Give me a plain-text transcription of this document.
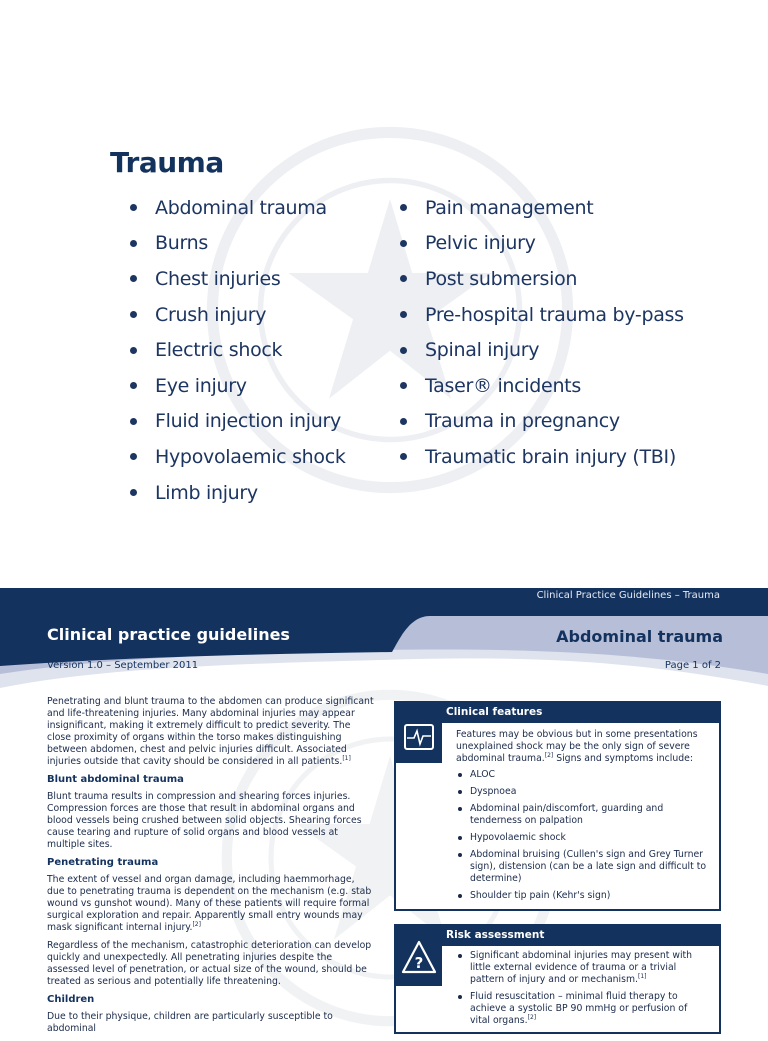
Trauma
Abdominal trauma
Burns
Chest injuries
Crush injury
Electric shock
Eye injury
Fluid injection injury
Hypovolaemic shock
Limb injury
Pain management
Pelvic injury
Post submersion
Pre-hospital trauma by-pass
Spinal injury
Taser® incidents
Trauma in pregnancy
Traumatic brain injury (TBI)
Clinical Practice Guidelines – Trauma
Clinical practice guidelines	Abdominal trauma
Version 1.0 – September 2011	Page 1 of 2

Penetrating and blunt trauma to the abdomen can produce significant and life-threatening injuries. Many abdominal injuries may appear insignificant, making it extremely difficult to predict severity. The close proximity of organs within the torso makes distinguishing between abdomen, chest and pelvic injuries difficult. Associated injuries outside that cavity should be considered in all patients.[1]

Blunt abdominal trauma

Blunt trauma results in compression and shearing forces injuries. Compression forces are those that result in abdominal organs and blood vessels being crushed between solid objects. Shearing forces cause tearing and rupture of solid organs and blood vessels at multiple sites.

Penetrating trauma

The extent of vessel and organ damage, including haemmorhage, due to penetrating trauma is dependent on the mechanism (e.g. stab wound vs gunshot wound). Many of these patients will require formal surgical exploration and repair. Apparently small entry wounds may mask significant internal injury.[2]

Regardless of the mechanism, catastrophic deterioration can develop quickly and unexpectedly. All penetrating injuries despite the assessed level of penetration, or actual size of the wound, should be treated as serious and potentially life threatening.

Children

Due to their physique, children are particularly susceptible to abdominal

Clinical features

Features may be obvious but in some presentations unexplained shock may be the only sign of severe abdominal trauma.[2] Signs and symptoms include:

ALOC
Dyspnoea
Abdominal pain/discomfort, guarding and tenderness on palpation
Hypovolaemic shock
Abdominal bruising (Cullen's sign and Grey Turner sign), distension (can be a late sign and difficult to determine)
Shoulder tip pain (Kehr's sign)
Risk assessment
?	Significant abdominal injuries may present with little external evidence of trauma or a trivial pattern of injury and or mechanism.[1]
Fluid resuscitation – minimal fluid therapy to achieve a systolic BP 90 mmHg or perfusion of vital organs.[2]
